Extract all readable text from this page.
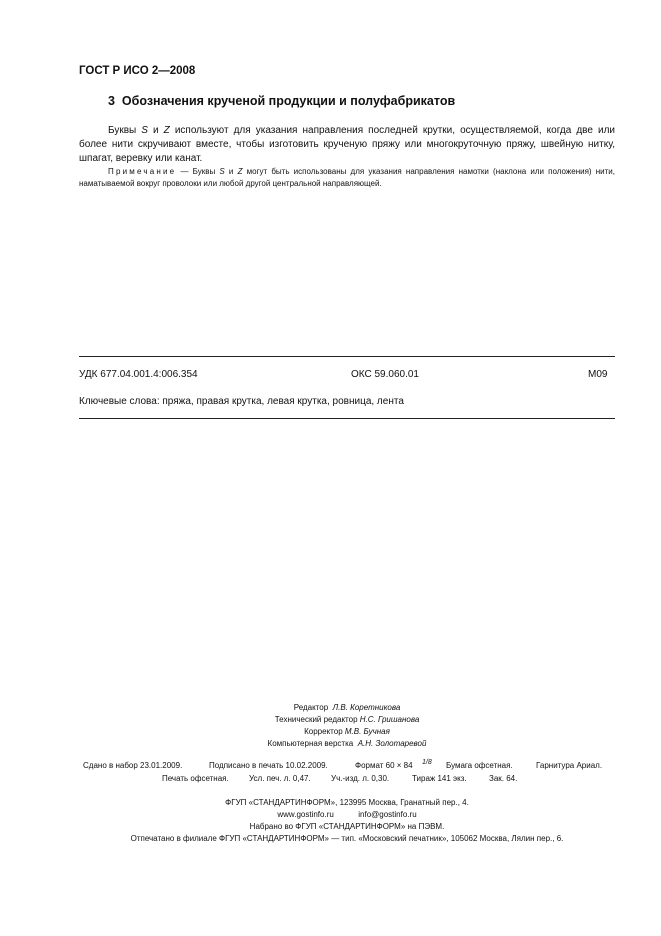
ГОСТ Р ИСО 2—2008
3 Обозначения крученой продукции и полуфабрикатов
Буквы S и Z используют для указания направления последней крутки, осуществляемой, когда две или более нити скручивают вместе, чтобы изготовить крученую пряжу или многокруточную пряжу, швейную нитку, шпагат, веревку или канат.
Примечание — Буквы S и Z могут быть использованы для указания направления намотки (наклона или положения) нити, наматываемой вокруг проволоки или любой другой центральной направляющей.
УДК 677.04.001.4:006.354	ОКС 59.060.01	М09
Ключевые слова: пряжа, правая крутка, левая крутка, ровница, лента
Редактор Л.В. Коретникова
Технический редактор Н.С. Гришанова
Корректор М.В. Бучная
Компьютерная верстка А.Н. Золотаревой
Сдано в набор 23.01.2009.	Подписано в печать 10.02.2009.	Формат 60 × 84 1/8 Бумага офсетная.	Гарнитура Ариал.
Печать офсетная.	Усл. печ. л. 0,47.	Уч.-изд. л. 0,30.	Тираж 141 экз.	Зак. 64.
ФГУП «СТАНДАРТИНФОРМ», 123995 Москва, Гранатный пер., 4.
www.gostinfo.ru	info@gostinfo.ru
Набрано во ФГУП «СТАНДАРТИНФОРМ» на ПЭВМ.
Отпечатано в филиале ФГУП «СТАНДАРТИНФОРМ» — тип. «Московский печатник», 105062 Москва, Лялин пер., 6.
